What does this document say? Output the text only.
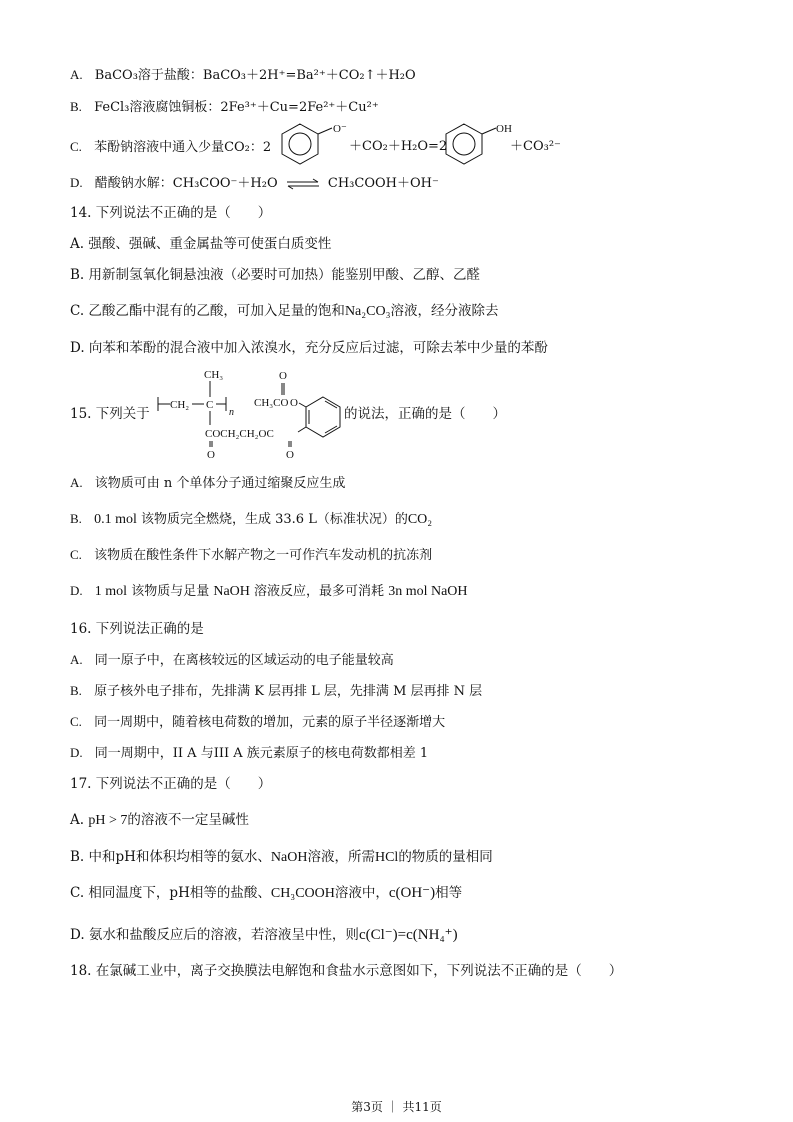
A. BaCO₃溶于盐酸：BaCO₃＋2H⁺=Ba²⁺＋CO₂↑＋H₂O
B. FeCl₃溶液腐蚀铜板：2Fe³⁺＋Cu=2Fe²⁺＋Cu²⁺
C. 苯酚钠溶液中通入少量CO₂：2
O⁻
＋CO₂＋H₂O=2
OH
＋CO₃²⁻
D. 醋酸钠水解：CH₃COO⁻＋H₂O ⇌ CH₃COOH＋OH⁻
14. 下列说法不正确的是（　　）
A. 强酸、强碱、重金属盐等可使蛋白质变性
B. 用新制氢氧化铜悬浊液（必要时可加热）能鉴别甲酸、乙醇、乙醛
C. 乙酸乙酯中混有的乙酸，可加入足量的饱和Na₂CO₃溶液，经分液除去
D. 向苯和苯酚的混合液中加入浓溴水，充分反应后过滤，可除去苯中少量的苯酚
15. 下列关于
CH₂ C
n
CH₃
COCH₂CH₂OC
O	O
CH₃CO
O
O
的说法，正确的是（　　）
A. 该物质可由 n 个单体分子通过缩聚反应生成
B. 0.1 mol 该物质完全燃烧，生成 33.6 L（标准状况）的CO₂
C. 该物质在酸性条件下水解产物之一可作汽车发动机的抗冻剂
D. 1 mol 该物质与足量 NaOH 溶液反应，最多可消耗 3n mol NaOH
16. 下列说法正确的是
A. 同一原子中，在离核较远的区域运动的电子能量较高
B. 原子核外电子排布，先排满 K 层再排 L 层，先排满 M 层再排 N 层
C. 同一周期中，随着核电荷数的增加，元素的原子半径逐渐增大
D. 同一周期中，II A 与III A 族元素原子的核电荷数都相差 1
17. 下列说法不正确的是（　　）
A. pH > 7的溶液不一定呈碱性
B. 中和pH和体积均相等的氨水、NaOH溶液，所需HCl的物质的量相同
C. 相同温度下，pH相等的盐酸、CH₃COOH溶液中，c(OH⁻)相等
D. 氨水和盐酸反应后的溶液，若溶液呈中性，则c(Cl⁻)=c(NH₄⁺)
18. 在氯碱工业中，离子交换膜法电解饱和食盐水示意图如下，下列说法不正确的是（　　）
第3页 ｜ 共11页
